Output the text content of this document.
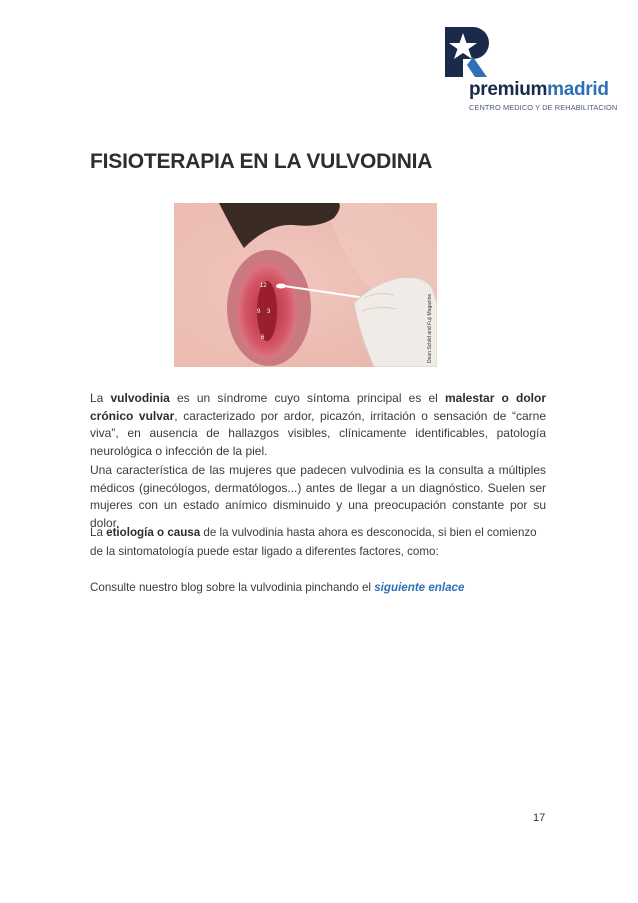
premiummadrid
CENTRO MEDICO Y DE REHABILITACION
FISIOTERAPIA EN LA VULVODINIA
12
9 3
6	Dean Schild and Fuji Magazine

La vulvodinia es un síndrome cuyo síntoma principal es el malestar o dolor crónico vulvar, caracterizado por ardor, picazón, irritación o sensación de “carne viva”, en ausencia de hallazgos visibles, clínicamente identificables, patología neurológica o infección de la piel.

Una característica de las mujeres que padecen vulvodinia es la consulta a múltiples médicos (ginecólogos, dermatólogos...) antes de llegar a un diagnóstico. Suelen ser mujeres con un estado anímico disminuido y una preocupación constante por su dolor.

La etiología o causa de la vulvodinia hasta ahora es desconocida, si bien el comienzo de la sintomatología puede estar ligado a diferentes factores, como:

Consulte nuestro blog sobre la vulvodinia pinchando el siguiente enlace

17
